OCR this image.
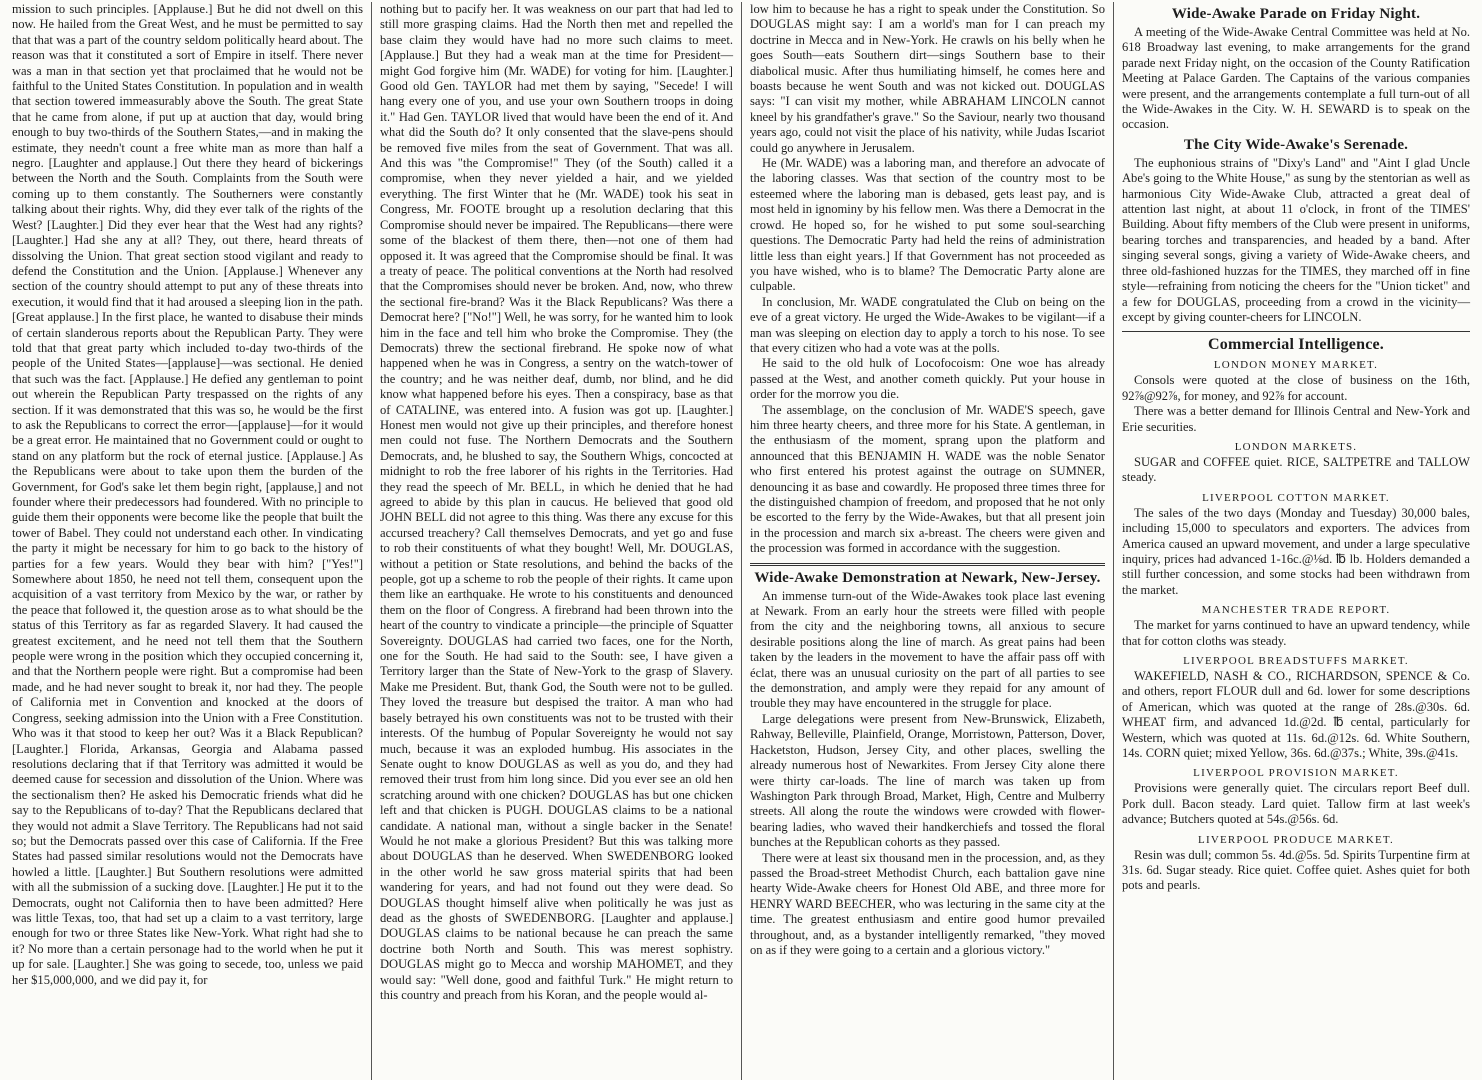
mission to such principles. [Applause.] But he did not dwell on this now. He hailed from the Great West, and he must be permitted to say that that was a part of the country seldom politically heard about. The reason was that it constituted a sort of Empire in itself. There never was a man in that section yet that proclaimed that he would not be faithful to the United States Constitution. In population and in wealth that section towered immeasurably above the South. The great State that he came from alone, if put up at auction that day, would bring enough to buy two-thirds of the Southern States,—and in making the estimate, they needn't count a free white man as more than half a negro. [Laughter and applause.] Out there they heard of bickerings between the North and the South. Complaints from the South were coming up to them constantly. The Southerners were constantly talking about their rights. Why, did they ever talk of the rights of the West? [Laughter.] Did they ever hear that the West had any rights? [Laughter.] Had she any at all? They, out there, heard threats of dissolving the Union. That great section stood vigilant and ready to defend the Constitution and the Union. [Applause.] Whenever any section of the country should attempt to put any of these threats into execution, it would find that it had aroused a sleeping lion in the path. [Great applause.] In the first place, he wanted to disabuse their minds of certain slanderous reports about the Republican Party. They were told that that great party which included to-day two-thirds of the people of the United States—[applause]—was sectional. He denied that such was the fact. [Applause.] He defied any gentleman to point out wherein the Republican Party trespassed on the rights of any section. If it was demonstrated that this was so, he would be the first to ask the Republicans to correct the error—[applause]—for it would be a great error. He maintained that no Government could or ought to stand on any platform but the rock of eternal justice. [Applause.] As the Republicans were about to take upon them the burden of the Government, for God's sake let them begin right, [applause,] and not founder where their predecessors had foundered. With no principle to guide them their opponents were become like the people that built the tower of Babel. They could not understand each other. In vindicating the party it might be necessary for him to go back to the history of parties for a few years. Would they bear with him? ["Yes!"] Somewhere about 1850, he need not tell them, consequent upon the acquisition of a vast territory from Mexico by the war, or rather by the peace that followed it, the question arose as to what should be the status of this Territory as far as regarded Slavery. It had caused the greatest excitement, and he need not tell them that the Southern people were wrong in the position which they occupied concerning it, and that the Northern people were right. But a compromise had been made, and he had never sought to break it, nor had they. The people of California met in Convention and knocked at the doors of Congress, seeking admission into the Union with a Free Constitution. Who was it that stood to keep her out? Was it a Black Republican? [Laughter.] Florida, Arkansas, Georgia and Alabama passed resolutions declaring that if that Territory was admitted it would be deemed cause for secession and dissolution of the Union. Where was the sectionalism then? He asked his Democratic friends what did he say to the Republicans of to-day? That the Republicans declared that they would not admit a Slave Territory. The Republicans had not said so; but the Democrats passed over this case of California. If the Free States had passed similar resolutions would not the Democrats have howled a little. [Laughter.] But Southern resolutions were admitted with all the submission of a sucking dove. [Laughter.] He put it to the Democrats, ought not California then to have been admitted? Here was little Texas, too, that had set up a claim to a vast territory, large enough for two or three States like New-York. What right had she to it? No more than a certain personage had to the world when he put it up for sale. [Laughter.] She was going to secede, too, unless we paid her $15,000,000, and we did pay it, for

nothing but to pacify her. It was weakness on our part that had led to still more grasping claims. Had the North then met and repelled the base claim they would have had no more such claims to meet. [Applause.] But they had a weak man at the time for President—might God forgive him (Mr. WADE) for voting for him. [Laughter.] Good old Gen. TAYLOR had met them by saying, "Secede! I will hang every one of you, and use your own Southern troops in doing it." Had Gen. TAYLOR lived that would have been the end of it. And what did the South do? It only consented that the slave-pens should be removed five miles from the seat of Government. That was all. And this was "the Compromise!" They (of the South) called it a compromise, when they never yielded a hair, and we yielded everything. The first Winter that he (Mr. WADE) took his seat in Congress, Mr. FOOTE brought up a resolution declaring that this Compromise should never be impaired. The Republicans—there were some of the blackest of them there, then—not one of them had opposed it. It was agreed that the Compromise should be final. It was a treaty of peace. The political conventions at the North had resolved that the Compromises should never be broken. And, now, who threw the sectional fire-brand? Was it the Black Republicans? Was there a Democrat here? ["No!"] Well, he was sorry, for he wanted him to look him in the face and tell him who broke the Compromise. They (the Democrats) threw the sectional firebrand. He spoke now of what happened when he was in Congress, a sentry on the watch-tower of the country; and he was neither deaf, dumb, nor blind, and he did know what happened before his eyes. Then a conspiracy, base as that of CATALINE, was entered into. A fusion was got up. [Laughter.] Honest men would not give up their principles, and therefore honest men could not fuse. The Northern Democrats and the Southern Democrats, and, he blushed to say, the Southern Whigs, concocted at midnight to rob the free laborer of his rights in the Territories. Had they read the speech of Mr. BELL, in which he denied that he had agreed to abide by this plan in caucus. He believed that good old JOHN BELL did not agree to this thing. Was there any excuse for this accursed treachery? Call themselves Democrats, and yet go and fuse to rob their constituents of what they bought! Well, Mr. DOUGLAS, without a petition or State resolutions, and behind the backs of the people, got up a scheme to rob the people of their rights. It came upon them like an earthquake. He wrote to his constituents and denounced them on the floor of Congress. A firebrand had been thrown into the heart of the country to vindicate a principle—the principle of Squatter Sovereignty. DOUGLAS had carried two faces, one for the North, one for the South. He had said to the South: see, I have given a Territory larger than the State of New-York to the grasp of Slavery. Make me President. But, thank God, the South were not to be gulled. They loved the treasure but despised the traitor. A man who had basely betrayed his own constituents was not to be trusted with their interests. Of the humbug of Popular Sovereignty he would not say much, because it was an exploded humbug. His associates in the Senate ought to know DOUGLAS as well as you do, and they had removed their trust from him long since. Did you ever see an old hen scratching around with one chicken? DOUGLAS has but one chicken left and that chicken is PUGH. DOUGLAS claims to be a national candidate. A national man, without a single backer in the Senate! Would he not make a glorious President? But this was talking more about DOUGLAS than he deserved. When SWEDENBORG looked in the other world he saw gross material spirits that had been wandering for years, and had not found out they were dead. So DOUGLAS thought himself alive when politically he was just as dead as the ghosts of SWEDENBORG. [Laughter and applause.] DOUGLAS claims to be national because he can preach the same doctrine both North and South. This was merest sophistry. DOUGLAS might go to Mecca and worship MAHOMET, and they would say: "Well done, good and faithful Turk." He might return to this country and preach from his Koran, and the people would al-

low him to because he has a right to speak under the Constitution. So DOUGLAS might say: I am a world's man for I can preach my doctrine in Mecca and in New-York. He crawls on his belly when he goes South—eats Southern dirt—sings Southern base to their diabolical music. After thus humiliating himself, he comes here and boasts because he went South and was not kicked out. DOUGLAS says: "I can visit my mother, while ABRAHAM LINCOLN cannot kneel by his grandfather's grave." So the Saviour, nearly two thousand years ago, could not visit the place of his nativity, while Judas Iscariot could go anywhere in Jerusalem.

He (Mr. WADE) was a laboring man, and therefore an advocate of the laboring classes. Was that section of the country most to be esteemed where the laboring man is debased, gets least pay, and is most held in ignominy by his fellow men. Was there a Democrat in the crowd. He hoped so, for he wished to put some soul-searching questions. The Democratic Party had held the reins of administration little less than eight years.] If that Government has not proceeded as you have wished, who is to blame? The Democratic Party alone are culpable.

In conclusion, Mr. WADE congratulated the Club on being on the eve of a great victory. He urged the Wide-Awakes to be vigilant—if a man was sleeping on election day to apply a torch to his nose. To see that every citizen who had a vote was at the polls.

He said to the old hulk of Locofocoism: One woe has already passed at the West, and another cometh quickly. Put your house in order for the morrow you die.

The assemblage, on the conclusion of Mr. WADE'S speech, gave him three hearty cheers, and three more for his State. A gentleman, in the enthusiasm of the moment, sprang upon the platform and announced that this BENJAMIN H. WADE was the noble Senator who first entered his protest against the outrage on SUMNER, denouncing it as base and cowardly. He proposed three times three for the distinguished champion of freedom, and proposed that he not only be escorted to the ferry by the Wide-Awakes, but that all present join in the procession and march six a-breast. The cheers were given and the procession was formed in accordance with the suggestion.

Wide-Awake Demonstration at Newark, New-Jersey.

An immense turn-out of the Wide-Awakes took place last evening at Newark. From an early hour the streets were filled with people from the city and the neighboring towns, all anxious to secure desirable positions along the line of march. As great pains had been taken by the leaders in the movement to have the affair pass off with éclat, there was an unusual curiosity on the part of all parties to see the demonstration, and amply were they repaid for any amount of trouble they may have encountered in the struggle for place.

Large delegations were present from New-Brunswick, Elizabeth, Rahway, Belleville, Plainfield, Orange, Morristown, Patterson, Dover, Hacketston, Hudson, Jersey City, and other places, swelling the already numerous host of Newarkites. From Jersey City alone there were thirty car-loads. The line of march was taken up from Washington Park through Broad, Market, High, Centre and Mulberry streets. All along the route the windows were crowded with flower-bearing ladies, who waved their handkerchiefs and tossed the floral bunches at the Republican cohorts as they passed.

There were at least six thousand men in the procession, and, as they passed the Broad-street Methodist Church, each battalion gave nine hearty Wide-Awake cheers for Honest Old ABE, and three more for HENRY WARD BEECHER, who was lecturing in the same city at the time. The greatest enthusiasm and entire good humor prevailed throughout, and, as a bystander intelligently remarked, "they moved on as if they were going to a certain and a glorious victory."

Wide-Awake Parade on Friday Night.

A meeting of the Wide-Awake Central Committee was held at No. 618 Broadway last evening, to make arrangements for the grand parade next Friday night, on the occasion of the County Ratification Meeting at Palace Garden. The Captains of the various companies were present, and the arrangements contemplate a full turn-out of all the Wide-Awakes in the City. W. H. SEWARD is to speak on the occasion.

The City Wide-Awake's Serenade.

The euphonious strains of "Dixy's Land" and "Aint I glad Uncle Abe's going to the White House," as sung by the stentorian as well as harmonious City Wide-Awake Club, attracted a great deal of attention last night, at about 11 o'clock, in front of the TIMES' Building. About fifty members of the Club were present in uniforms, bearing torches and transparencies, and headed by a band. After singing several songs, giving a variety of Wide-Awake cheers, and three old-fashioned huzzas for the TIMES, they marched off in fine style—refraining from noticing the cheers for the "Union ticket" and a few for DOUGLAS, proceeding from a crowd in the vicinity—except by giving counter-cheers for LINCOLN.

Commercial Intelligence.
LONDON MONEY MARKET.

Consols were quoted at the close of business on the 16th, 92⅞@92⅞, for money, and 92⅞ for account.

There was a better demand for Illinois Central and New-York and Erie securities.

LONDON MARKETS.

SUGAR and COFFEE quiet. RICE, SALTPETRE and TALLOW steady.

LIVERPOOL COTTON MARKET.

The sales of the two days (Monday and Tuesday) 30,000 bales, including 15,000 to speculators and exporters. The advices from America caused an upward movement, and under a large speculative inquiry, prices had advanced 1-16c.@⅛d. ℔ lb. Holders demanded a still further concession, and some stocks had been withdrawn from the market.

MANCHESTER TRADE REPORT.

The market for yarns continued to have an upward tendency, while that for cotton cloths was steady.

LIVERPOOL BREADSTUFFS MARKET.

WAKEFIELD, NASH & CO., RICHARDSON, SPENCE & Co. and others, report FLOUR dull and 6d. lower for some descriptions of American, which was quoted at the range of 28s.@30s. 6d. WHEAT firm, and advanced 1d.@2d. ℔ cental, particularly for Western, which was quoted at 11s. 6d.@12s. 6d. White Southern, 14s. CORN quiet; mixed Yellow, 36s. 6d.@37s.; White, 39s.@41s.

LIVERPOOL PROVISION MARKET.

Provisions were generally quiet. The circulars report Beef dull. Pork dull. Bacon steady. Lard quiet. Tallow firm at last week's advance; Butchers quoted at 54s.@56s. 6d.

LIVERPOOL PRODUCE MARKET.

Resin was dull; common 5s. 4d.@5s. 5d. Spirits Turpentine firm at 31s. 6d. Sugar steady. Rice quiet. Coffee quiet. Ashes quiet for both pots and pearls.
